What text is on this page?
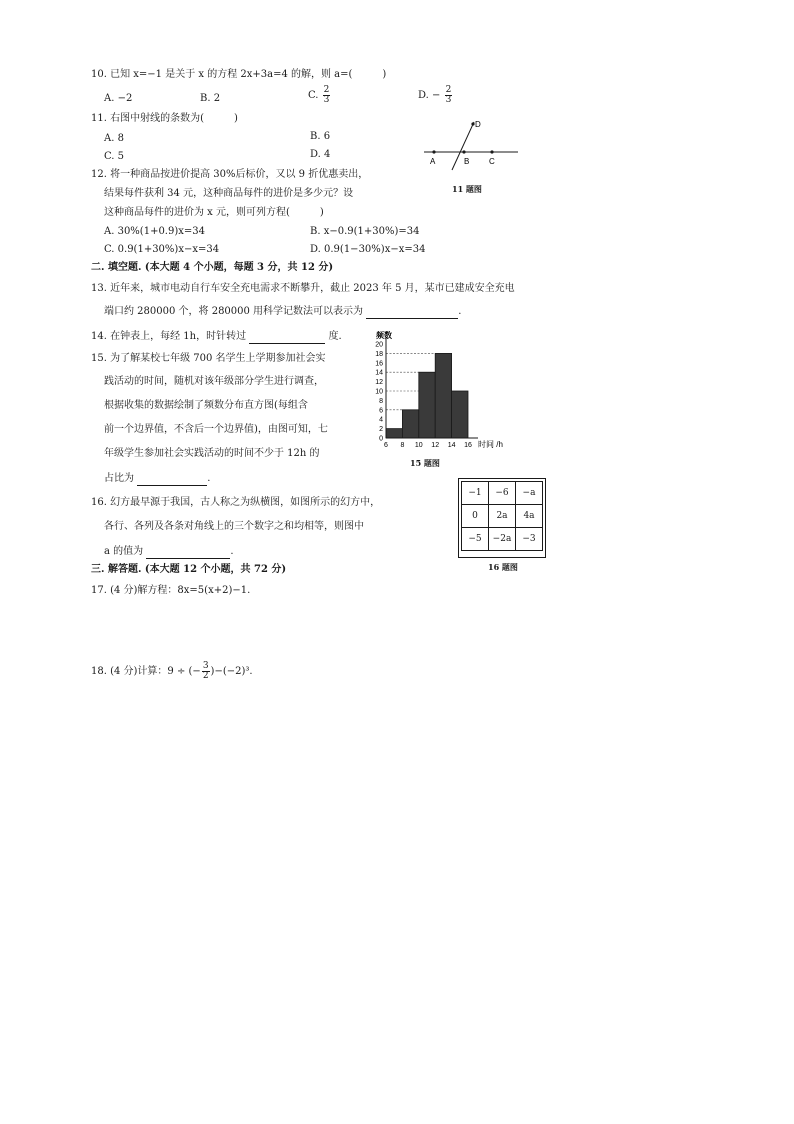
10. 已知 x=−1 是关于 x 的方程 2x+3a=4 的解，则 a=(　　　)
A. −2	B. 2	C. $\frac{2}{3}$	D. − $\frac{2}{3}$
11. 右图中射线的条数为(　　　)
A. 8	B. 6
C. 5	D. 4
A	B C
D
11 题图
12. 将一种商品按进价提高 30%后标价，又以 9 折优惠卖出，
结果每件获利 34 元，这种商品每件的进价是多少元？设
这种商品每件的进价为 x 元，则可列方程(　　　)
A. 30%(1+0.9)x=34	B. x−0.9(1+30%)=34
C. 0.9(1+30%)x−x=34	D. 0.9(1−30%)x−x=34
二. 填空题. (本大题 4 个小题，每题 3 分，共 12 分)
13. 近年来，城市电动自行车安全充电需求不断攀升，截止 2023 年 5 月，某市已建成安全充电
端口约 280000 个，将 280000 用科学记数法可以表示为	.
14. 在钟表上，每经 1h，时针转过	度.
15. 为了解某校七年级 700 名学生上学期参加社会实
践活动的时间，随机对该年级部分学生进行调查，
根据收集的数据绘制了频数分布直方图(每组含
前一个边界值，不含后一个边界值)，由图可知，七
年级学生参加社会实践活动的时间不少于 12h 的
占比为	.
频数
时间 /h
0
2
4
6
8
10
12
14
16
18
20
6 8 10 12 14 16
15 题图
16. 幻方最早源于我国，古人称之为纵横图，如图所示的幻方中，
各行、各列及各条对角线上的三个数字之和均相等，则图中
a 的值为	.
−1	−6	−a
0	2a	4a
−5	−2a	−3
16 题图
三. 解答题. (本大题 12 个小题，共 72 分)
17. (4 分)解方程：8x=5(x+2)−1.
18. (4 分)计算：9 ÷ (− $\frac{3}{2} )-(-2)^3$.
